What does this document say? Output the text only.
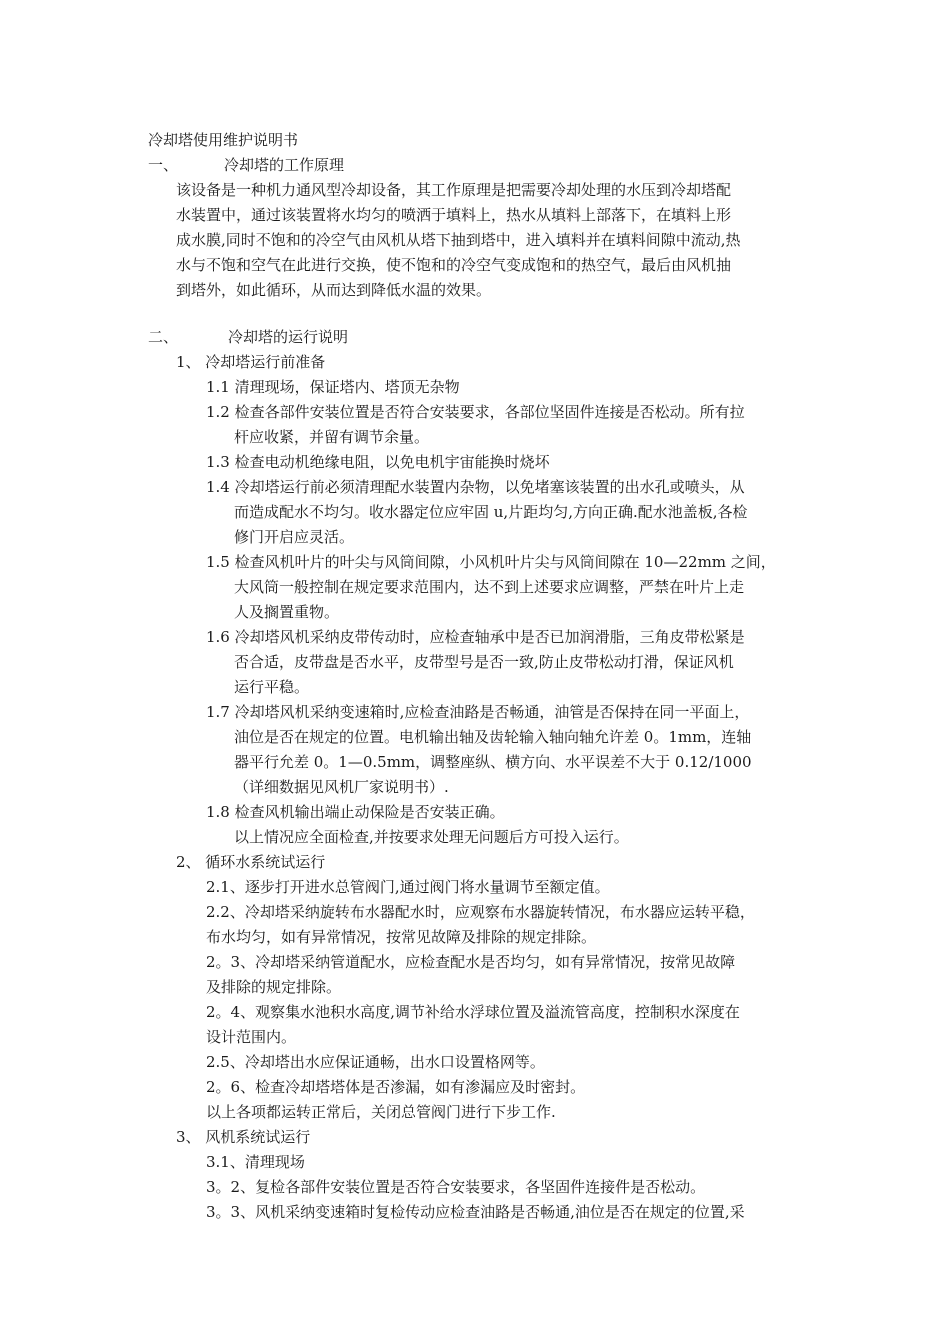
冷却塔使用维护说明书
一、	冷却塔的工作原理
该设备是一种机力通风型冷却设备，其工作原理是把需要冷却处理的水压到冷却塔配
水装置中，通过该装置将水均匀的喷洒于填料上，热水从填料上部落下，在填料上形
成水膜,同时不饱和的冷空气由风机从塔下抽到塔中，进入填料并在填料间隙中流动,热
水与不饱和空气在此进行交换，使不饱和的冷空气变成饱和的热空气，最后由风机抽
到塔外，如此循环，从而达到降低水温的效果。
二、	冷却塔的运行说明
1、 冷却塔运行前准备
1.1 清理现场，保证塔内、塔顶无杂物
1.2 检查各部件安装位置是否符合安装要求，各部位坚固件连接是否松动。所有拉
杆应收紧，并留有调节余量。
1.3 检查电动机绝缘电阻，以免电机宇宙能换时烧坏
1.4 冷却塔运行前必须清理配水装置内杂物，以免堵塞该装置的出水孔或喷头，从
而造成配水不均匀。收水器定位应牢固 u,片距均匀,方向正确.配水池盖板,各检
修门开启应灵活。
1.5 检查风机叶片的叶尖与风筒间隙，小风机叶片尖与风筒间隙在 10—22mm 之间，
大风筒一般控制在规定要求范围内，达不到上述要求应调整，严禁在叶片上走
人及搁置重物。
1.6 冷却塔风机采纳皮带传动时，应检查轴承中是否已加润滑脂，三角皮带松紧是
否合适，皮带盘是否水平，皮带型号是否一致,防止皮带松动打滑，保证风机
运行平稳。
1.7 冷却塔风机采纳变速箱时,应检查油路是否畅通，油管是否保持在同一平面上，
油位是否在规定的位置。电机输出轴及齿轮输入轴向轴允许差 0。1mm，连轴
器平行允差 0。1—0.5mm，调整座纵、横方向、水平误差不大于 0.12/1000
（详细数据见风机厂家说明书）.
1.8 检查风机输出端止动保险是否安装正确。
以上情况应全面检查,并按要求处理无问题后方可投入运行。
2、 循环水系统试运行
2.1、逐步打开进水总管阀门,通过阀门将水量调节至额定值。
2.2、冷却塔采纳旋转布水器配水时，应观察布水器旋转情况，布水器应运转平稳，
布水均匀，如有异常情况，按常见故障及排除的规定排除。
2。3、冷却塔采纳管道配水，应检查配水是否均匀，如有异常情况，按常见故障
及排除的规定排除。
2。4、观察集水池积水高度,调节补给水浮球位置及溢流管高度，控制积水深度在
设计范围内。
2.5、冷却塔出水应保证通畅，出水口设置格网等。
2。6、检查冷却塔塔体是否渗漏，如有渗漏应及时密封。
以上各项都运转正常后，关闭总管阀门进行下步工作.
3、 风机系统试运行
3.1、清理现场
3。2、复检各部件安装位置是否符合安装要求，各坚固件连接件是否松动。
3。3、风机采纳变速箱时复检传动应检查油路是否畅通,油位是否在规定的位置,采
